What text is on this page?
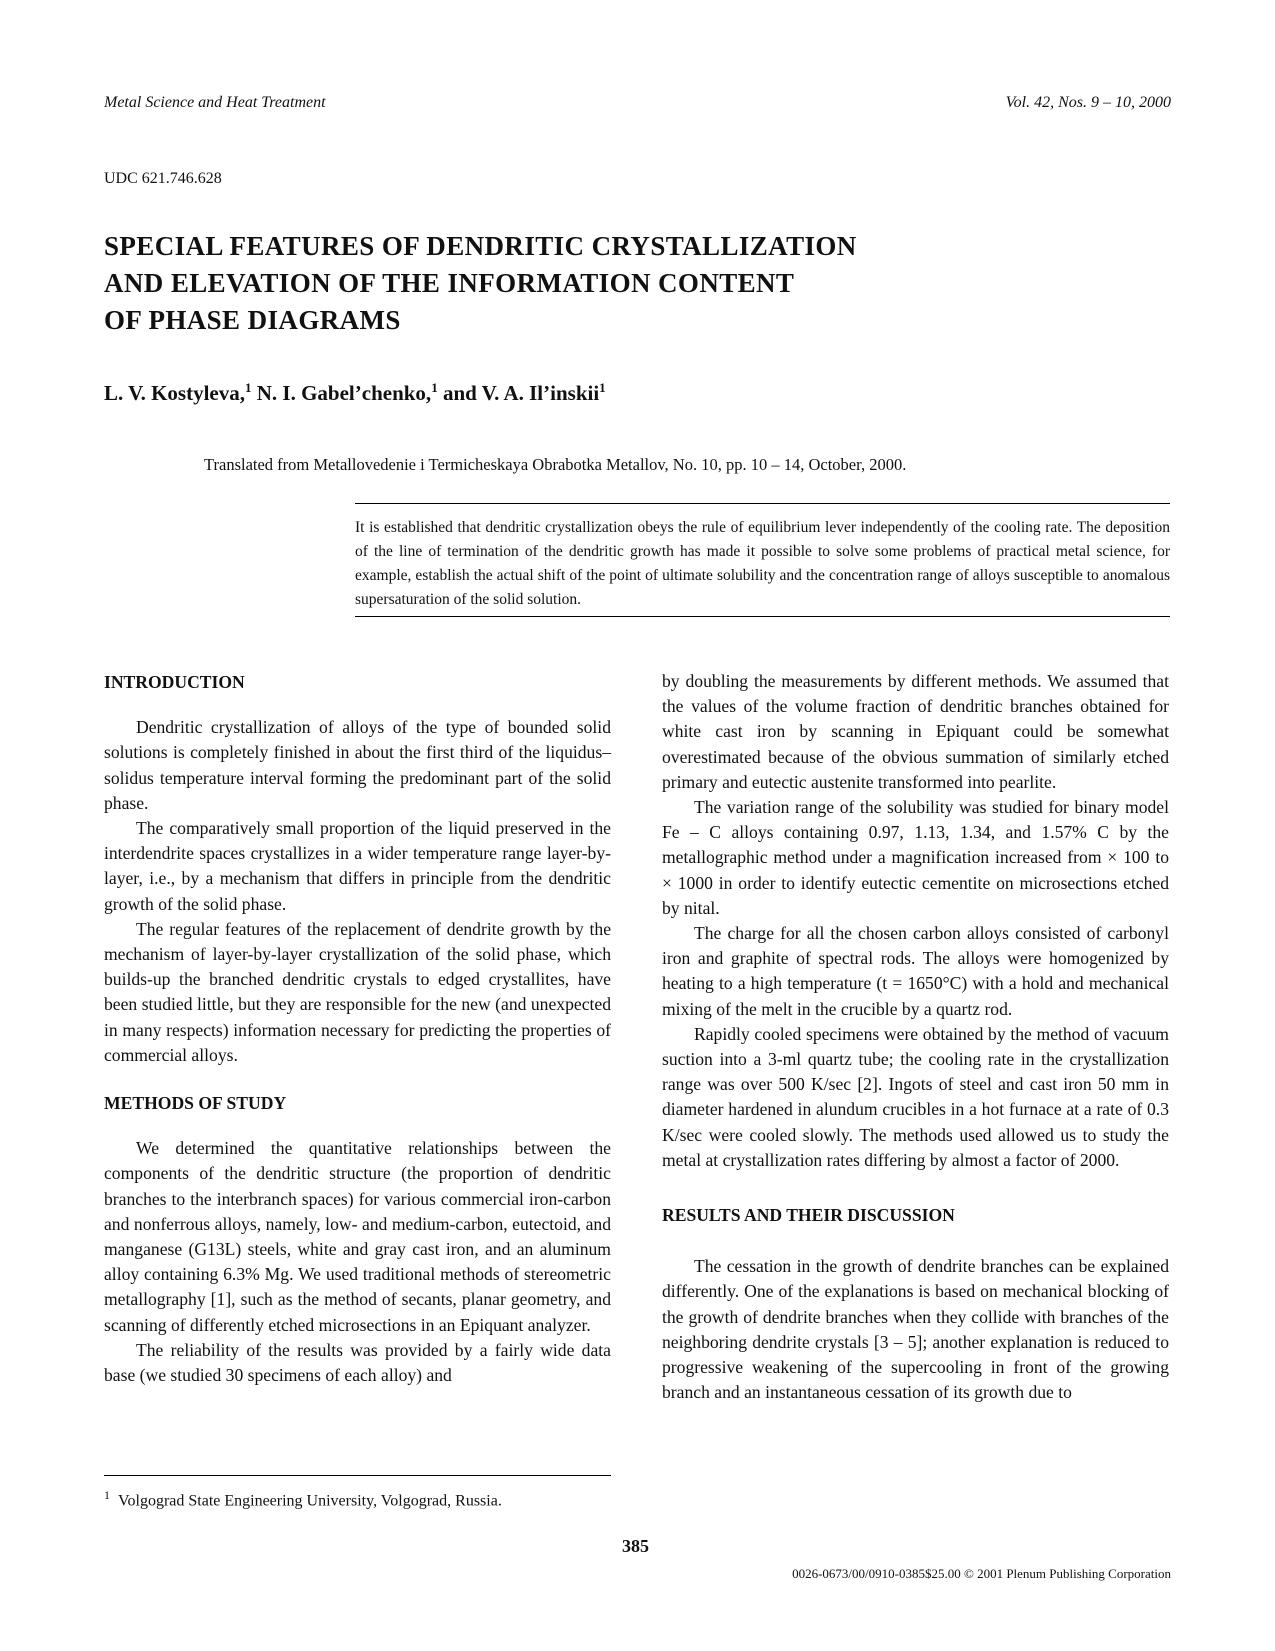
Metal Science and Heat Treatment	Vol. 42, Nos. 9 – 10, 2000
UDC 621.746.628
SPECIAL FEATURES OF DENDRITIC CRYSTALLIZATION
AND ELEVATION OF THE INFORMATION CONTENT
OF PHASE DIAGRAMS
L. V. Kostyleva,$^1$ N. I. Gabel’chenko,$^1$ and V. A. Il’inskii$^1$
Translated from Metallovedenie i Termicheskaya Obrabotka Metallov, No. 10, pp. 10 – 14, October, 2000.
It is established that dendritic crystallization obeys the rule of equilibrium lever independently of the cooling rate. The deposition of the line of termination of the dendritic growth has made it possible to solve some problems of practical metal science, for example, establish the actual shift of the point of ultimate solubility and the concentration range of alloys susceptible to anomalous supersaturation of the solid solution.

INTRODUCTION

Dendritic crystallization of alloys of the type of bounded solid solutions is completely finished in about the first third of the liquidus–solidus temperature interval forming the predominant part of the solid phase.

The comparatively small proportion of the liquid preserved in the interdendrite spaces crystallizes in a wider temperature range layer-by-layer, i.e., by a mechanism that differs in principle from the dendritic growth of the solid phase.

The regular features of the replacement of dendrite growth by the mechanism of layer-by-layer crystallization of the solid phase, which builds-up the branched dendritic crystals to edged crystallites, have been studied little, but they are responsible for the new (and unexpected in many respects) information necessary for predicting the properties of commercial alloys.

METHODS OF STUDY

We determined the quantitative relationships between the components of the dendritic structure (the proportion of dendritic branches to the interbranch spaces) for various commercial iron-carbon and nonferrous alloys, namely, low- and medium-carbon, eutectoid, and manganese (G13L) steels, white and gray cast iron, and an aluminum alloy containing 6.3% Mg. We used traditional methods of stereometric metallography [1], such as the method of secants, planar geometry, and scanning of differently etched microsections in an Epiquant analyzer.

The reliability of the results was provided by a fairly wide data base (we studied 30 specimens of each alloy) and

by doubling the measurements by different methods. We assumed that the values of the volume fraction of dendritic branches obtained for white cast iron by scanning in Epiquant could be somewhat overestimated because of the obvious summation of similarly etched primary and eutectic austenite transformed into pearlite.

The variation range of the solubility was studied for binary model Fe – C alloys containing 0.97, 1.13, 1.34, and 1.57% C by the metallographic method under a magnification increased from × 100 to × 1000 in order to identify eutectic cementite on microsections etched by nital.

The charge for all the chosen carbon alloys consisted of carbonyl iron and graphite of spectral rods. The alloys were homogenized by heating to a high temperature (t = 1650°C) with a hold and mechanical mixing of the melt in the crucible by a quartz rod.

Rapidly cooled specimens were obtained by the method of vacuum suction into a 3-ml quartz tube; the cooling rate in the crystallization range was over 500 K/sec [2]. Ingots of steel and cast iron 50 mm in diameter hardened in alundum crucibles in a hot furnace at a rate of 0.3 K/sec were cooled slowly. The methods used allowed us to study the metal at crystallization rates differing by almost a factor of 2000.

RESULTS AND THEIR DISCUSSION

The cessation in the growth of dendrite branches can be explained differently. One of the explanations is based on mechanical blocking of the growth of dendrite branches when they collide with branches of the neighboring dendrite crystals [3 – 5]; another explanation is reduced to progressive weakening of the supercooling in front of the growing branch and an instantaneous cessation of its growth due to

$^1$ Volgograd State Engineering University, Volgograd, Russia.
385
0026-0673/00/0910-0385$25.00 © 2001 Plenum Publishing Corporation
